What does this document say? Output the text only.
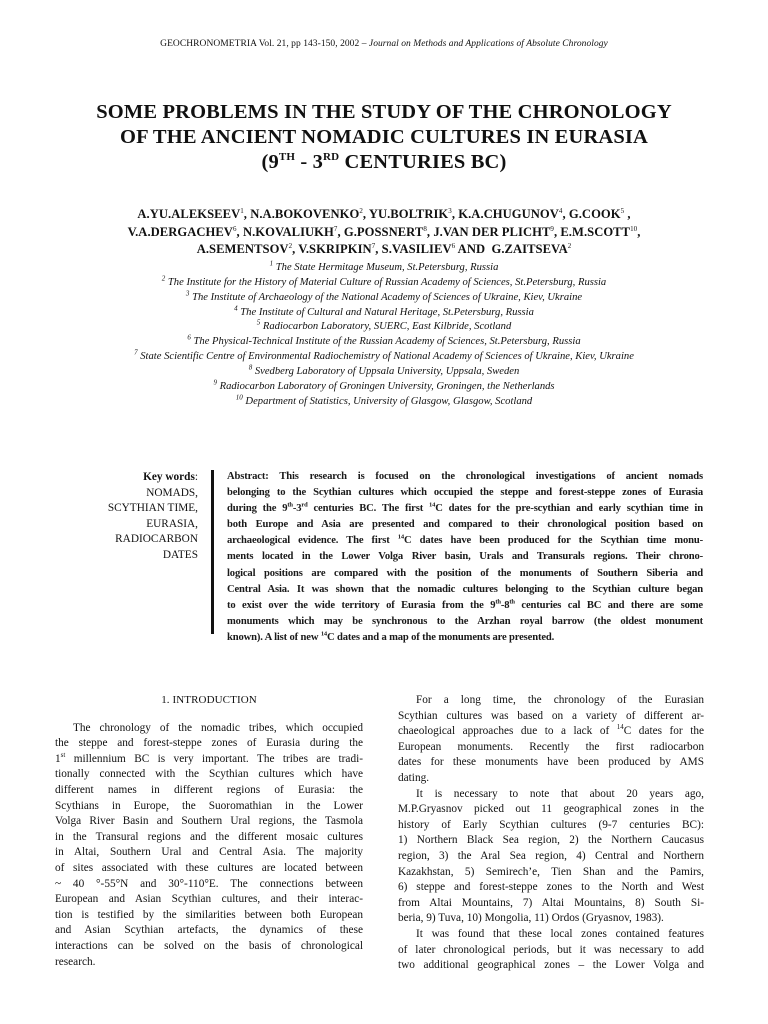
GEOCHRONOMETRIA Vol. 21, pp 143-150, 2002 – Journal on Methods and Applications of Absolute Chronology
SOME PROBLEMS IN THE STUDY OF THE CHRONOLOGY
OF THE ANCIENT NOMADIC CULTURES IN EURASIA
(9TH - 3RD CENTURIES BC)
A.YU.ALEKSEEV$^1$, N.A.BOKOVENKO$^2$, YU.BOLTRIK$^3$, K.A.CHUGUNOV$^4$, G.COOK$^5$ ,
V.A.DERGACHEV$^6$, N.KOVALIUKH$^7$, G.POSSNERT$^8$, J.VAN DER PLICHT$^9$, E.M.SCOTT$^{10}$,
A.SEMENTSOV$^2$, V.SKRIPKIN$^7$, S.VASILIEV$^6$ AND G.ZAITSEVA$^2$
$^1$ The State Hermitage Museum, St.Petersburg, Russia
$^2$ The Institute for the History of Material Culture of Russian Academy of Sciences, St.Petersburg, Russia
$^3$ The Institute of Archaeology of the National Academy of Sciences of Ukraine, Kiev, Ukraine
$^4$ The Institute of Cultural and Natural Heritage, St.Petersburg, Russia
$^5$ Radiocarbon Laboratory, SUERC, East Kilbride, Scotland
$^6$ The Physical-Technical Institute of the Russian Academy of Sciences, St.Petersburg, Russia
$^7$ State Scientific Centre of Environmental Radiochemistry of National Academy of Sciences of Ukraine, Kiev, Ukraine
$^8$ Svedberg Laboratory of Uppsala University, Uppsala, Sweden
$^9$ Radiocarbon Laboratory of Groningen University, Groningen, the Netherlands
$^{10}$ Department of Statistics, University of Glasgow, Glasgow, Scotland
Key words:
NOMADS,
SCYTHIAN TIME,
EURASIA,
RADIOCARBON
DATES
Abstract: This research is focused on the chronological investigations of ancient nomads
belonging to the Scythian cultures which occupied the steppe and forest-steppe zones of Eurasia
during the 9th-3rd centuries BC. The first $^{14}$C dates for the pre-scythian and early scythian time in
both Europe and Asia are presented and compared to their chronological position based on
archaeological evidence. The first $^{14}$C dates have been produced for the Scythian time monu-
ments located in the Lower Volga River basin, Urals and Transurals regions. Their chrono-
logical positions are compared with the position of the monuments of Southern Siberia and
Central Asia. It was shown that the nomadic cultures belonging to the Scythian culture began
to exist over the wide territory of Eurasia from the 9th-8th centuries cal BC and there are some
monuments which may be synchronous to the Arzhan royal barrow (the oldest monument
known). A list of new $^{14}$C dates and a map of the monuments are presented.
1. INTRODUCTION
The chronology of the nomadic tribes, which occupied
the steppe and forest-steppe zones of Eurasia during the
1st millennium BC is very important. The tribes are tradi-
tionally connected with the Scythian cultures which have
different names in different regions of Eurasia: the
Scythians in Europe, the Suoromathian in the Lower
Volga River Basin and Southern Ural regions, the Tasmola
in the Transural regions and the different mosaic cultures
in Altai, Southern Ural and Central Asia. The majority
of sites associated with these cultures are located between
~ 40 °-55°N and 30°-110°E. The connections between
European and Asian Scythian cultures, and their interac-
tion is testified by the similarities between both European
and Asian Scythian artefacts, the dynamics of these
interactions can be solved on the basis of chronological
research.
For a long time, the chronology of the Eurasian
Scythian cultures was based on a variety of different ar-
chaeological approaches due to a lack of $^{14}$C dates for the
European monuments. Recently the first radiocarbon
dates for these monuments have been produced by AMS
dating.
It is necessary to note that about 20 years ago,
M.P.Gryasnov picked out 11 geographical zones in the
history of Early Scythian cultures (9-7 centuries BC):
1) Northern Black Sea region, 2) the Northern Caucasus
region, 3) the Aral Sea region, 4) Central and Northern
Kazakhstan, 5) Semirech’e, Tien Shan and the Pamirs,
6) steppe and forest-steppe zones to the North and West
from Altai Mountains, 7) Altai Mountains, 8) South Si-
beria, 9) Tuva, 10) Mongolia, 11) Ordos (Gryasnov, 1983).
It was found that these local zones contained features
of later chronological periods, but it was necessary to add
two additional geographical zones – the Lower Volga and
